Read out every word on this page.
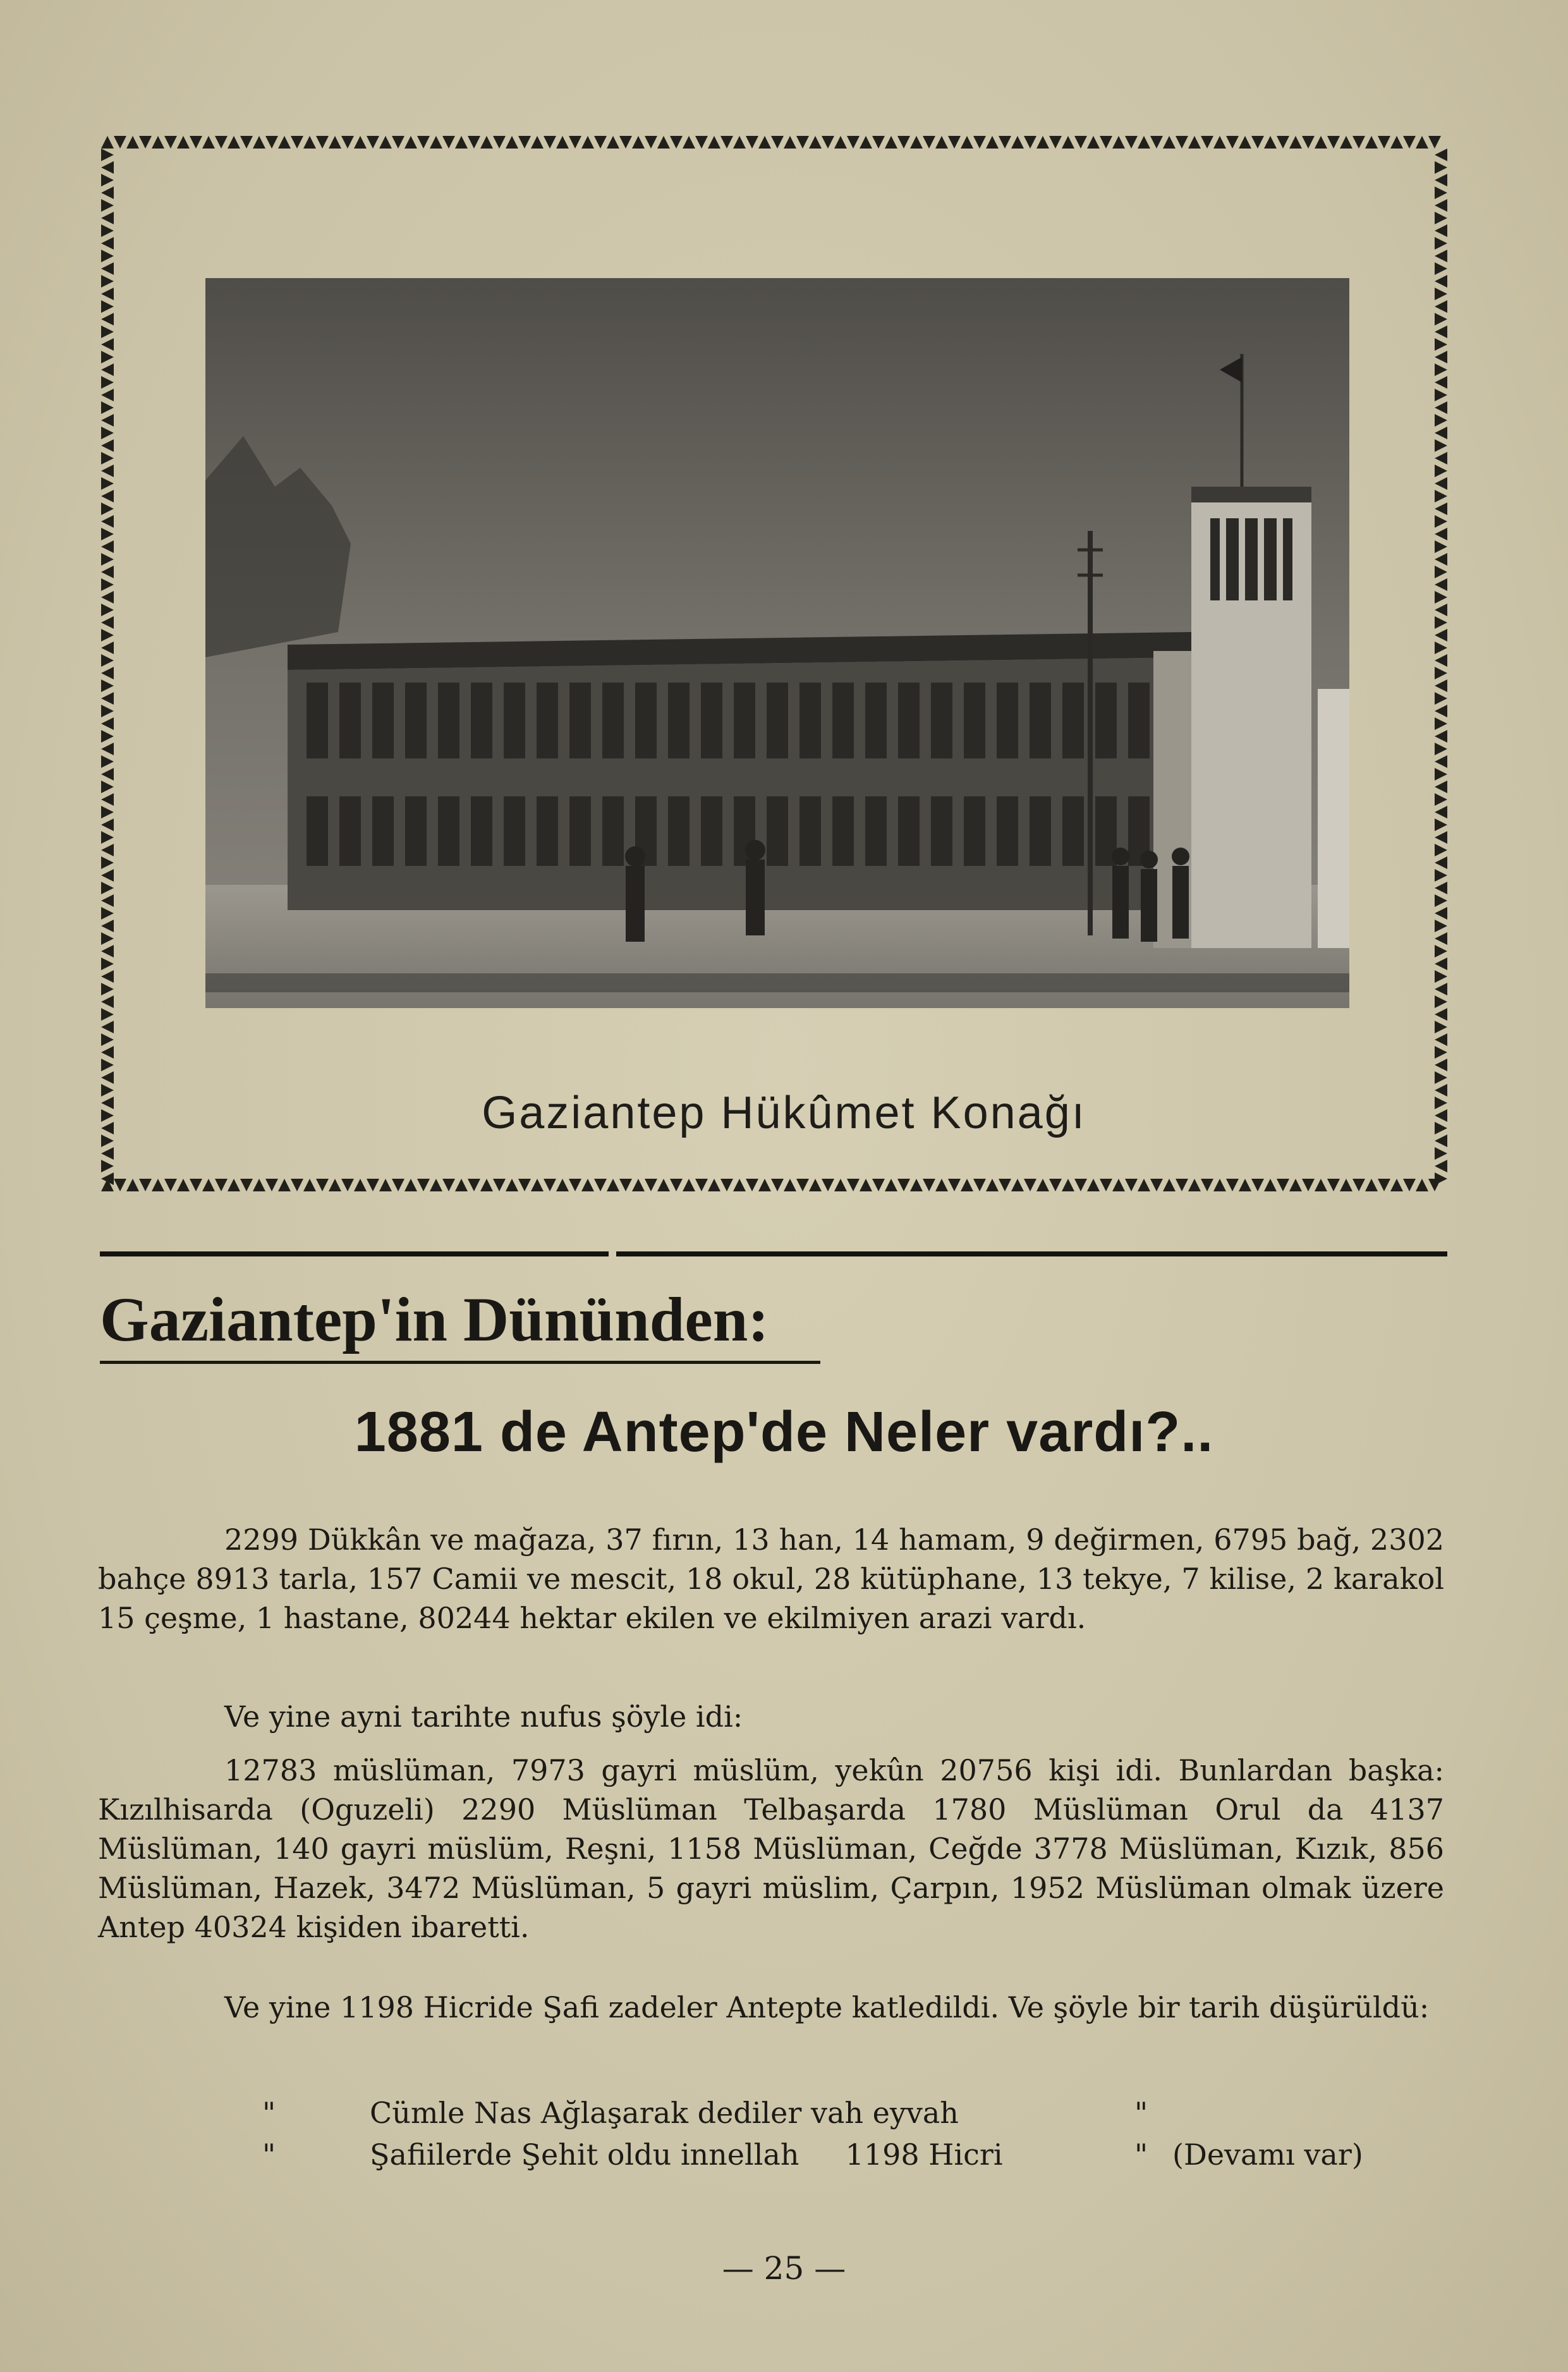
Gaziantep Hükûmet Konağı
Gaziantep'in Dününden:
1881 de Antep'de Neler vardı?..

2299 Dükkân ve mağaza, 37 fırın, 13 han, 14 hamam, 9 değirmen, 6795 bağ, 2302 bahçe 8913 tarla, 157 Camii ve mescit, 18 okul, 28 kütüphane, 13 tekye, 7 kilise, 2 karakol 15 çeşme, 1 hastane, 80244 hektar ekilen ve ekilmiyen arazi vardı.

Ve yine ayni tarihte nufus şöyle idi:

12783 müslüman, 7973 gayri müslüm, yekûn 20756 kişi idi. Bunlardan başka: Kızılhisarda (Oguzeli) 2290 Müslüman Telbaşarda 1780 Müslüman Orul da 4137 Müslüman, 140 gayri müslüm, Reşni, 1158 Müslüman, Ceğde 3778 Müslüman, Kızık, 856 Müslüman, Hazek, 3472 Müslüman, 5 gayri müslim, Çarpın, 1952 Müslüman olmak üzere Antep 40324 kişiden ibaretti.

Ve yine 1198 Hicride Şafi zadeler Antepte katledildi. Ve şöyle bir tarih düşürüldü:

"	Cümle Nas Ağlaşarak dediler vah eyvah	"
"	Şafiilerde Şehit oldu innellah     1198 Hicri	" (Devamı var)
— 25 —
